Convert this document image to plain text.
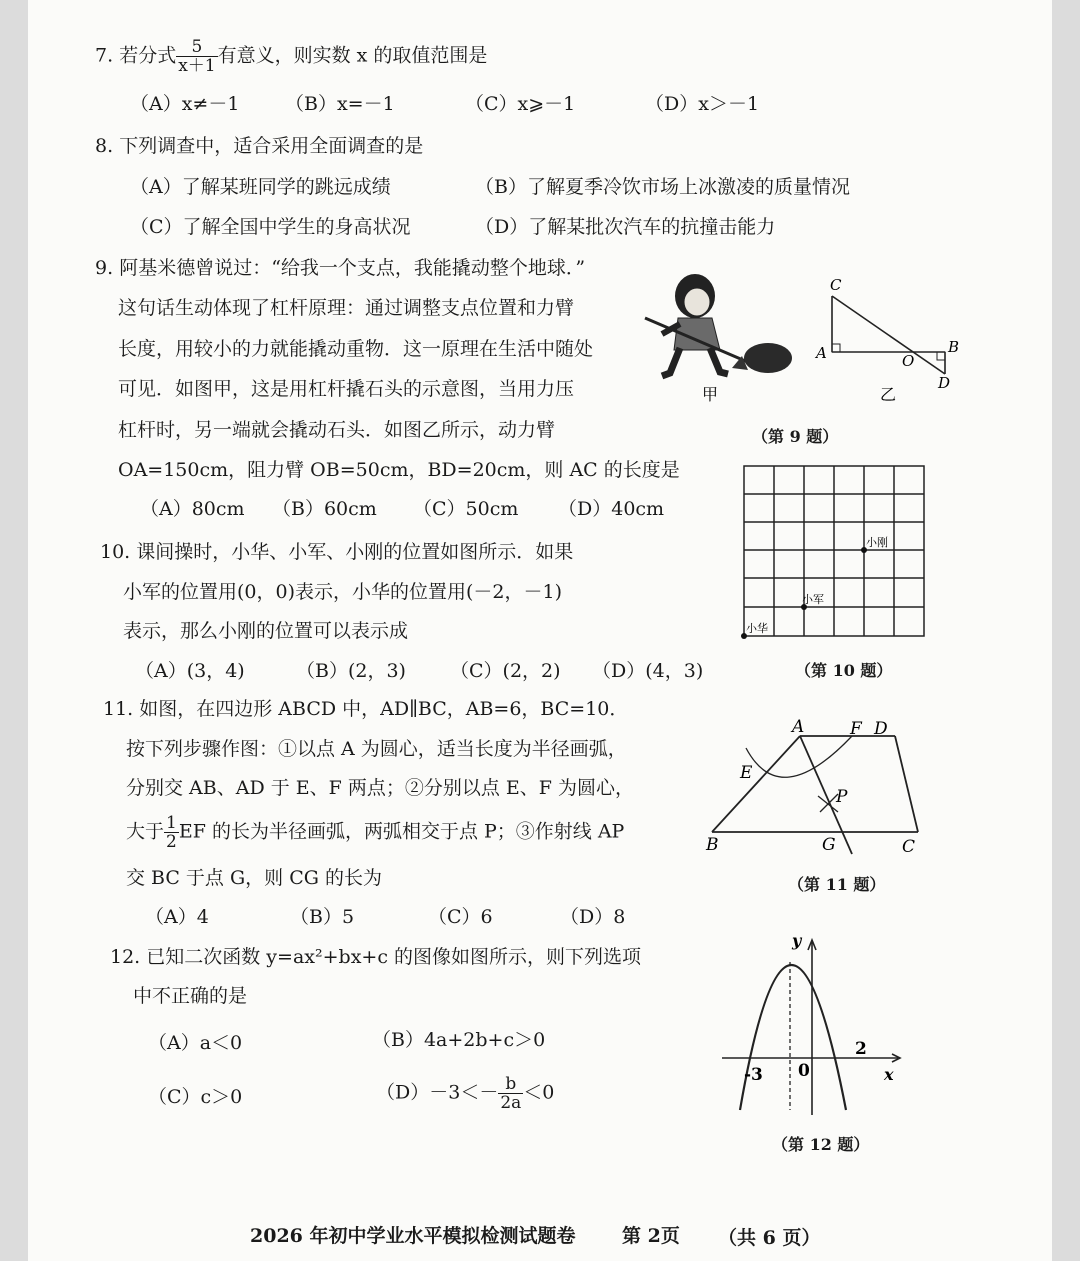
7. 若分式 $\frac{5}{x+1}$ 有意义，则实数 x 的取值范围是
（A）x≠－1 （B）x=－1	（C）x⩾－1	（D）x＞－1
8. 下列调查中，适合采用全面调查的是
（A）了解某班同学的跳远成绩	（B）了解夏季冷饮市场上冰激凌的质量情况
（C）了解全国中学生的身高状况	（D）了解某批次汽车的抗撞击能力
9. 阿基米德曾说过：“给我一个支点，我能撬动整个地球．”
这句话生动体现了杠杆原理：通过调整支点位置和力臂
长度，用较小的力就能撬动重物．这一原理在生活中随处
可见．如图甲，这是用杠杆撬石头的示意图，当用力压
杠杆时，另一端就会撬动石头．如图乙所示，动力臂
OA=150cm，阻力臂 OB=50cm，BD=20cm，则 AC 的长度是
（A）80cm （B）60cm （C）50cm （D）40cm
甲
C
A	O
B
D
乙
（第 9 题）
10. 课间操时，小华、小军、小刚的位置如图所示．如果
小军的位置用(0，0)表示，小华的位置用(－2，－1)
表示，那么小刚的位置可以表示成
（A）(3，4)	（B）(2，3) （C）(2，2) （D）(4，3)
小华
小军
小刚
（第 10 题）
11. 如图，在四边形 ABCD 中，AD∥BC，AB=6，BC=10．
按下列步骤作图：①以点 A 为圆心，适当长度为半径画弧，
分别交 AB、AD 于 E、F 两点；②分别以点 E、F 为圆心，
大于 $\frac{1}{2}$ EF 的长为半径画弧，两弧相交于点 P；③作射线 AP
交 BC 于点 G，则 CG 的长为
（A）4	（B）5	（C）6	（D）8
A	F D
E
P
B	G	C
（第 11 题）
12. 已知二次函数 y=ax²+bx+c 的图像如图所示，则下列选项
中不正确的是
（A）a＜0	（B）4a+2b+c＞0
（C）c＞0	$(D)-3<- \frac{b}{2a} <0$
y
x
-3 0
2
（第 12 题）
2026 年初中学业水平模拟检测试题卷 第 2页 （共 6 页）
